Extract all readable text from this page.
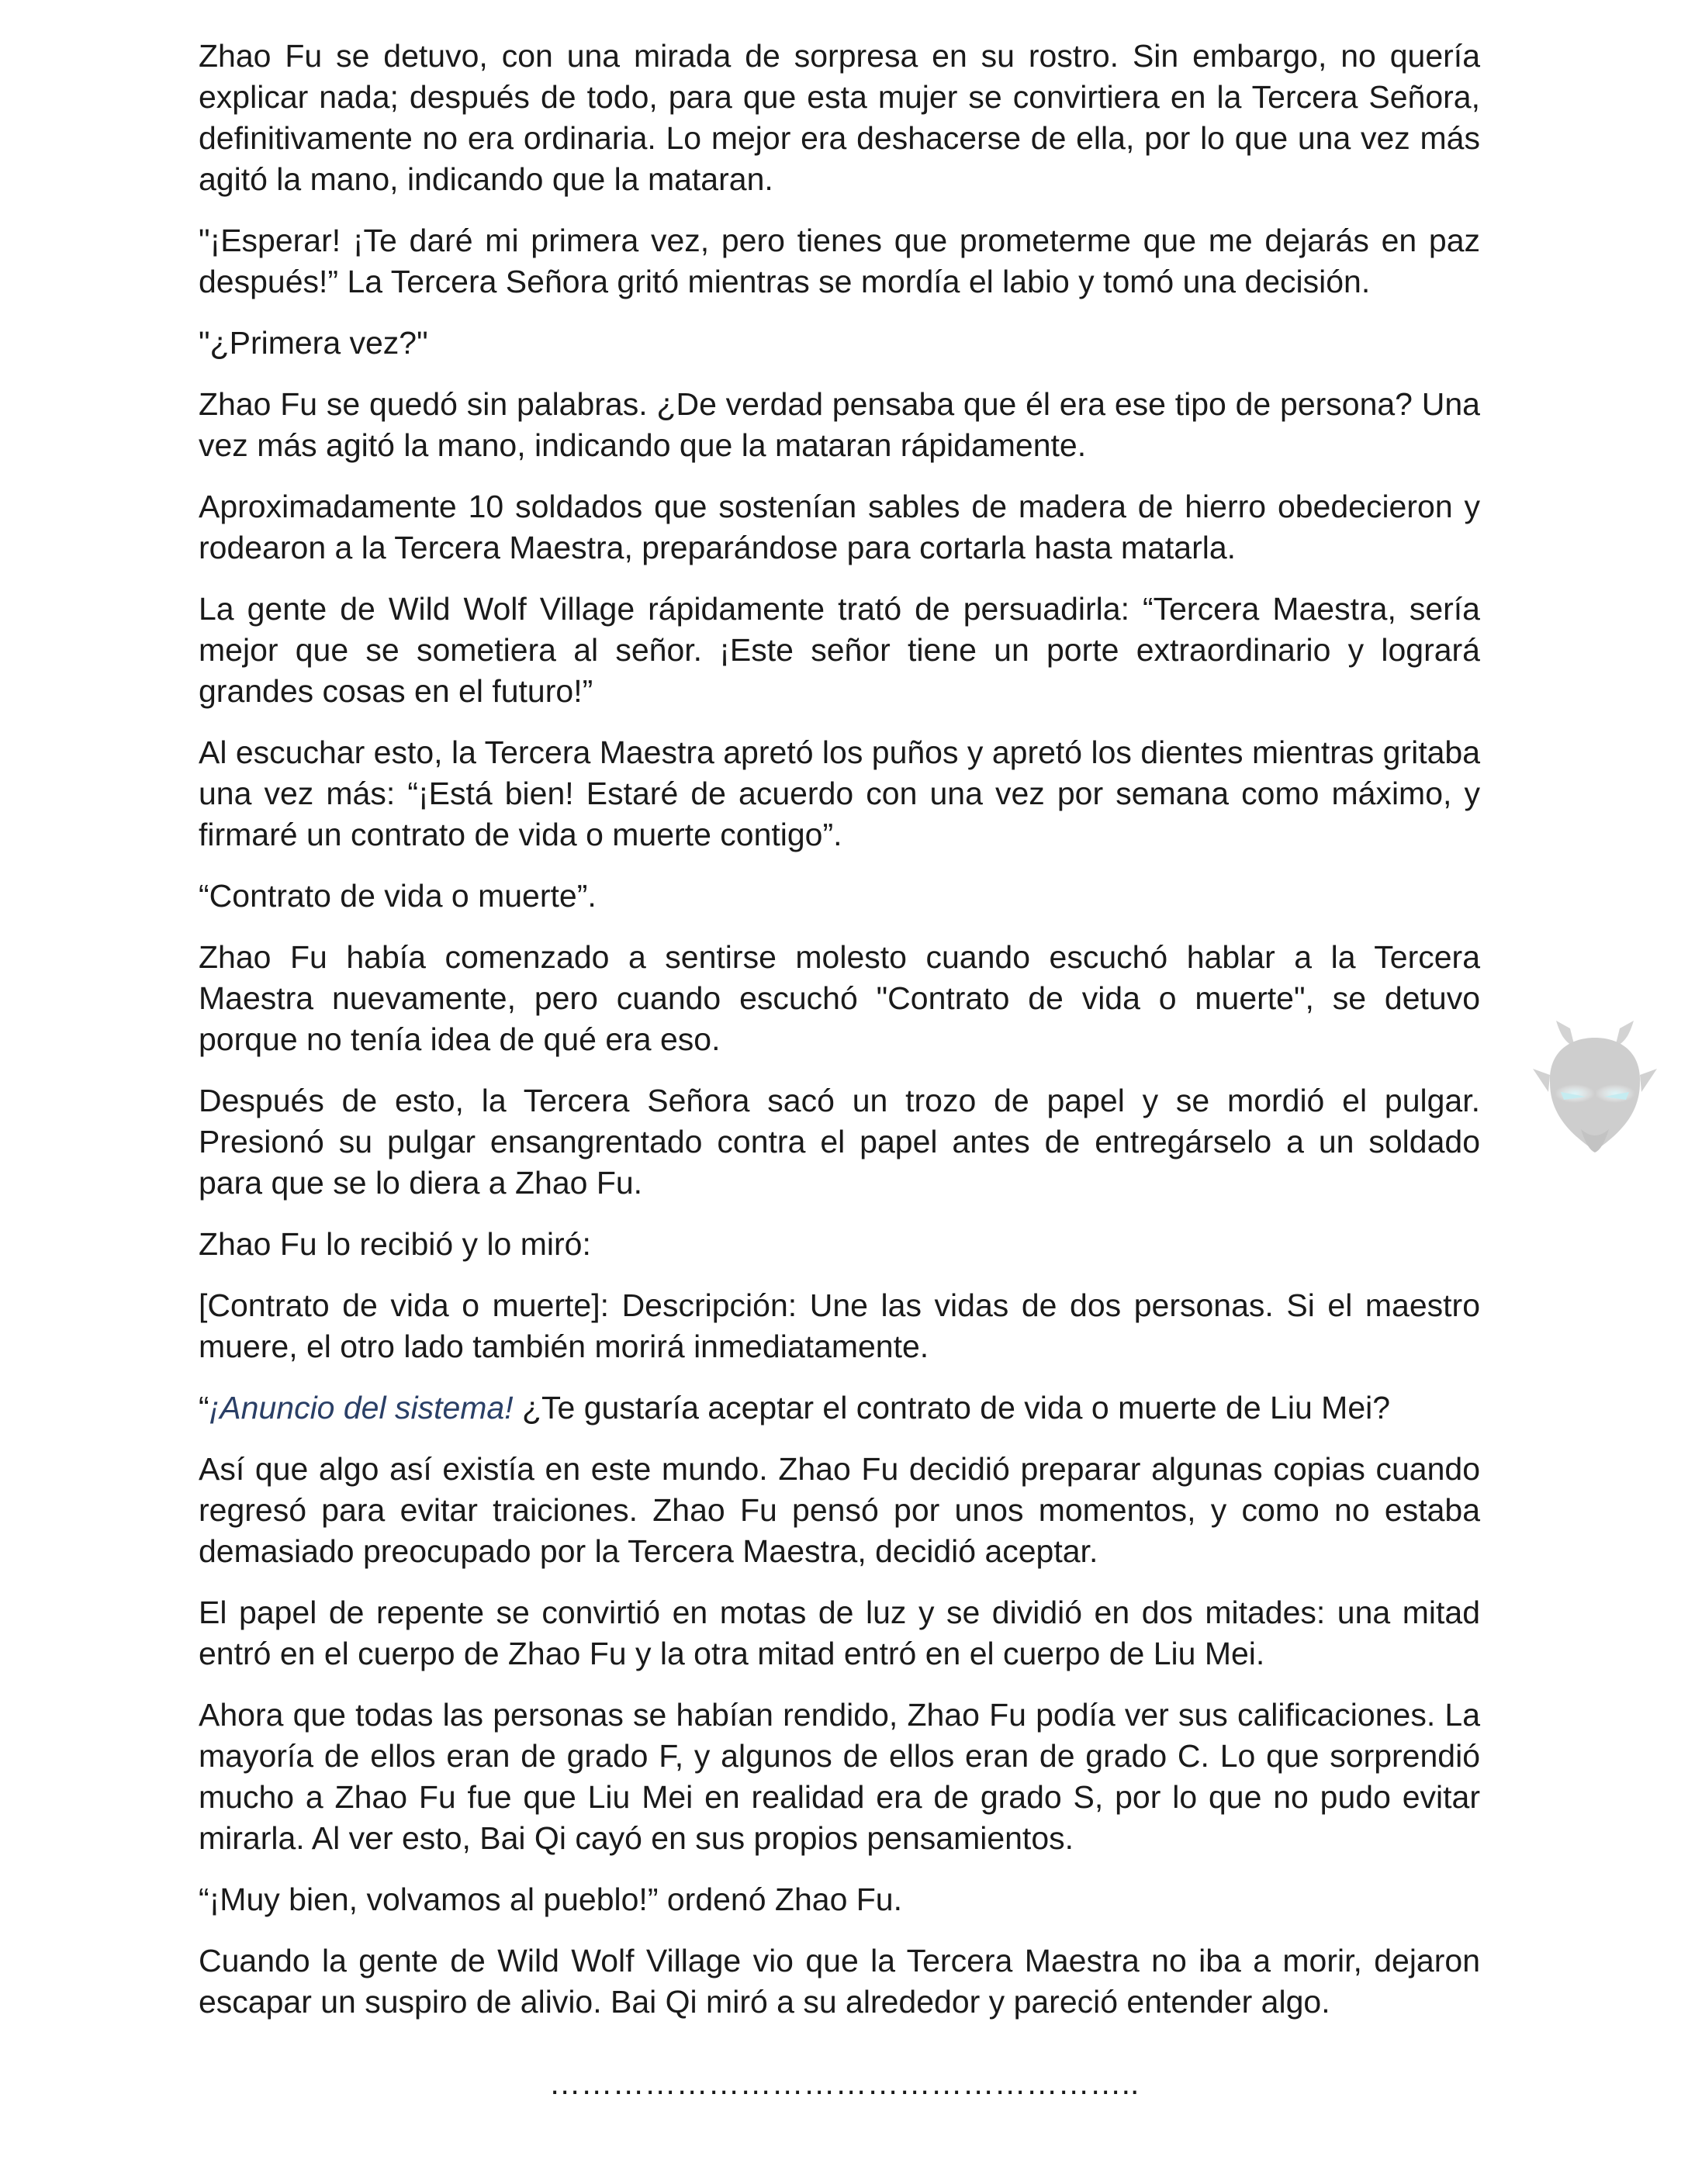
Zhao Fu se detuvo, con una mirada de sorpresa en su rostro. Sin embargo, no quería explicar nada; después de todo, para que esta mujer se convirtiera en la Tercera Señora, definitivamente no era ordinaria. Lo mejor era deshacerse de ella, por lo que una vez más agitó la mano, indicando que la mataran.

"¡Esperar! ¡Te daré mi primera vez, pero tienes que prometerme que me dejarás en paz después!” La Tercera Señora gritó mientras se mordía el labio y tomó una decisión.

"¿Primera vez?"

Zhao Fu se quedó sin palabras. ¿De verdad pensaba que él era ese tipo de persona? Una vez más agitó la mano, indicando que la mataran rápidamente.

Aproximadamente 10 soldados que sostenían sables de madera de hierro obedecieron y rodearon a la Tercera Maestra, preparándose para cortarla hasta matarla.

La gente de Wild Wolf Village rápidamente trató de persuadirla: “Tercera Maestra, sería mejor que se sometiera al señor. ¡Este señor tiene un porte extraordinario y logrará grandes cosas en el futuro!”

Al escuchar esto, la Tercera Maestra apretó los puños y apretó los dientes mientras gritaba una vez más: “¡Está bien! Estaré de acuerdo con una vez por semana como máximo, y firmaré un contrato de vida o muerte contigo”.

“Contrato de vida o muerte”.

Zhao Fu había comenzado a sentirse molesto cuando escuchó hablar a la Tercera Maestra nuevamente, pero cuando escuchó "Contrato de vida o muerte", se detuvo porque no tenía idea de qué era eso.

Después de esto, la Tercera Señora sacó un trozo de papel y se mordió el pulgar. Presionó su pulgar ensangrentado contra el papel antes de entregárselo a un soldado para que se lo diera a Zhao Fu.

Zhao Fu lo recibió y lo miró:

[Contrato de vida o muerte]: Descripción: Une las vidas de dos personas. Si el maestro muere, el otro lado también morirá inmediatamente.

“¡Anuncio del sistema! ¿Te gustaría aceptar el contrato de vida o muerte de Liu Mei?

Así que algo así existía en este mundo. Zhao Fu decidió preparar algunas copias cuando regresó para evitar traiciones. Zhao Fu pensó por unos momentos, y como no estaba demasiado preocupado por la Tercera Maestra, decidió aceptar.

El papel de repente se convirtió en motas de luz y se dividió en dos mitades: una mitad entró en el cuerpo de Zhao Fu y la otra mitad entró en el cuerpo de Liu Mei.

Ahora que todas las personas se habían rendido, Zhao Fu podía ver sus calificaciones. La mayoría de ellos eran de grado F, y algunos de ellos eran de grado C. Lo que sorprendió mucho a Zhao Fu fue que Liu Mei en realidad era de grado S, por lo que no pudo evitar mirarla. Al ver esto, Bai Qi cayó en sus propios pensamientos.

“¡Muy bien, volvamos al pueblo!” ordenó Zhao Fu.

Cuando la gente de Wild Wolf Village vio que la Tercera Maestra no iba a morir, dejaron escapar un suspiro de alivio. Bai Qi miró a su alrededor y pareció entender algo.

………………………………………………..
